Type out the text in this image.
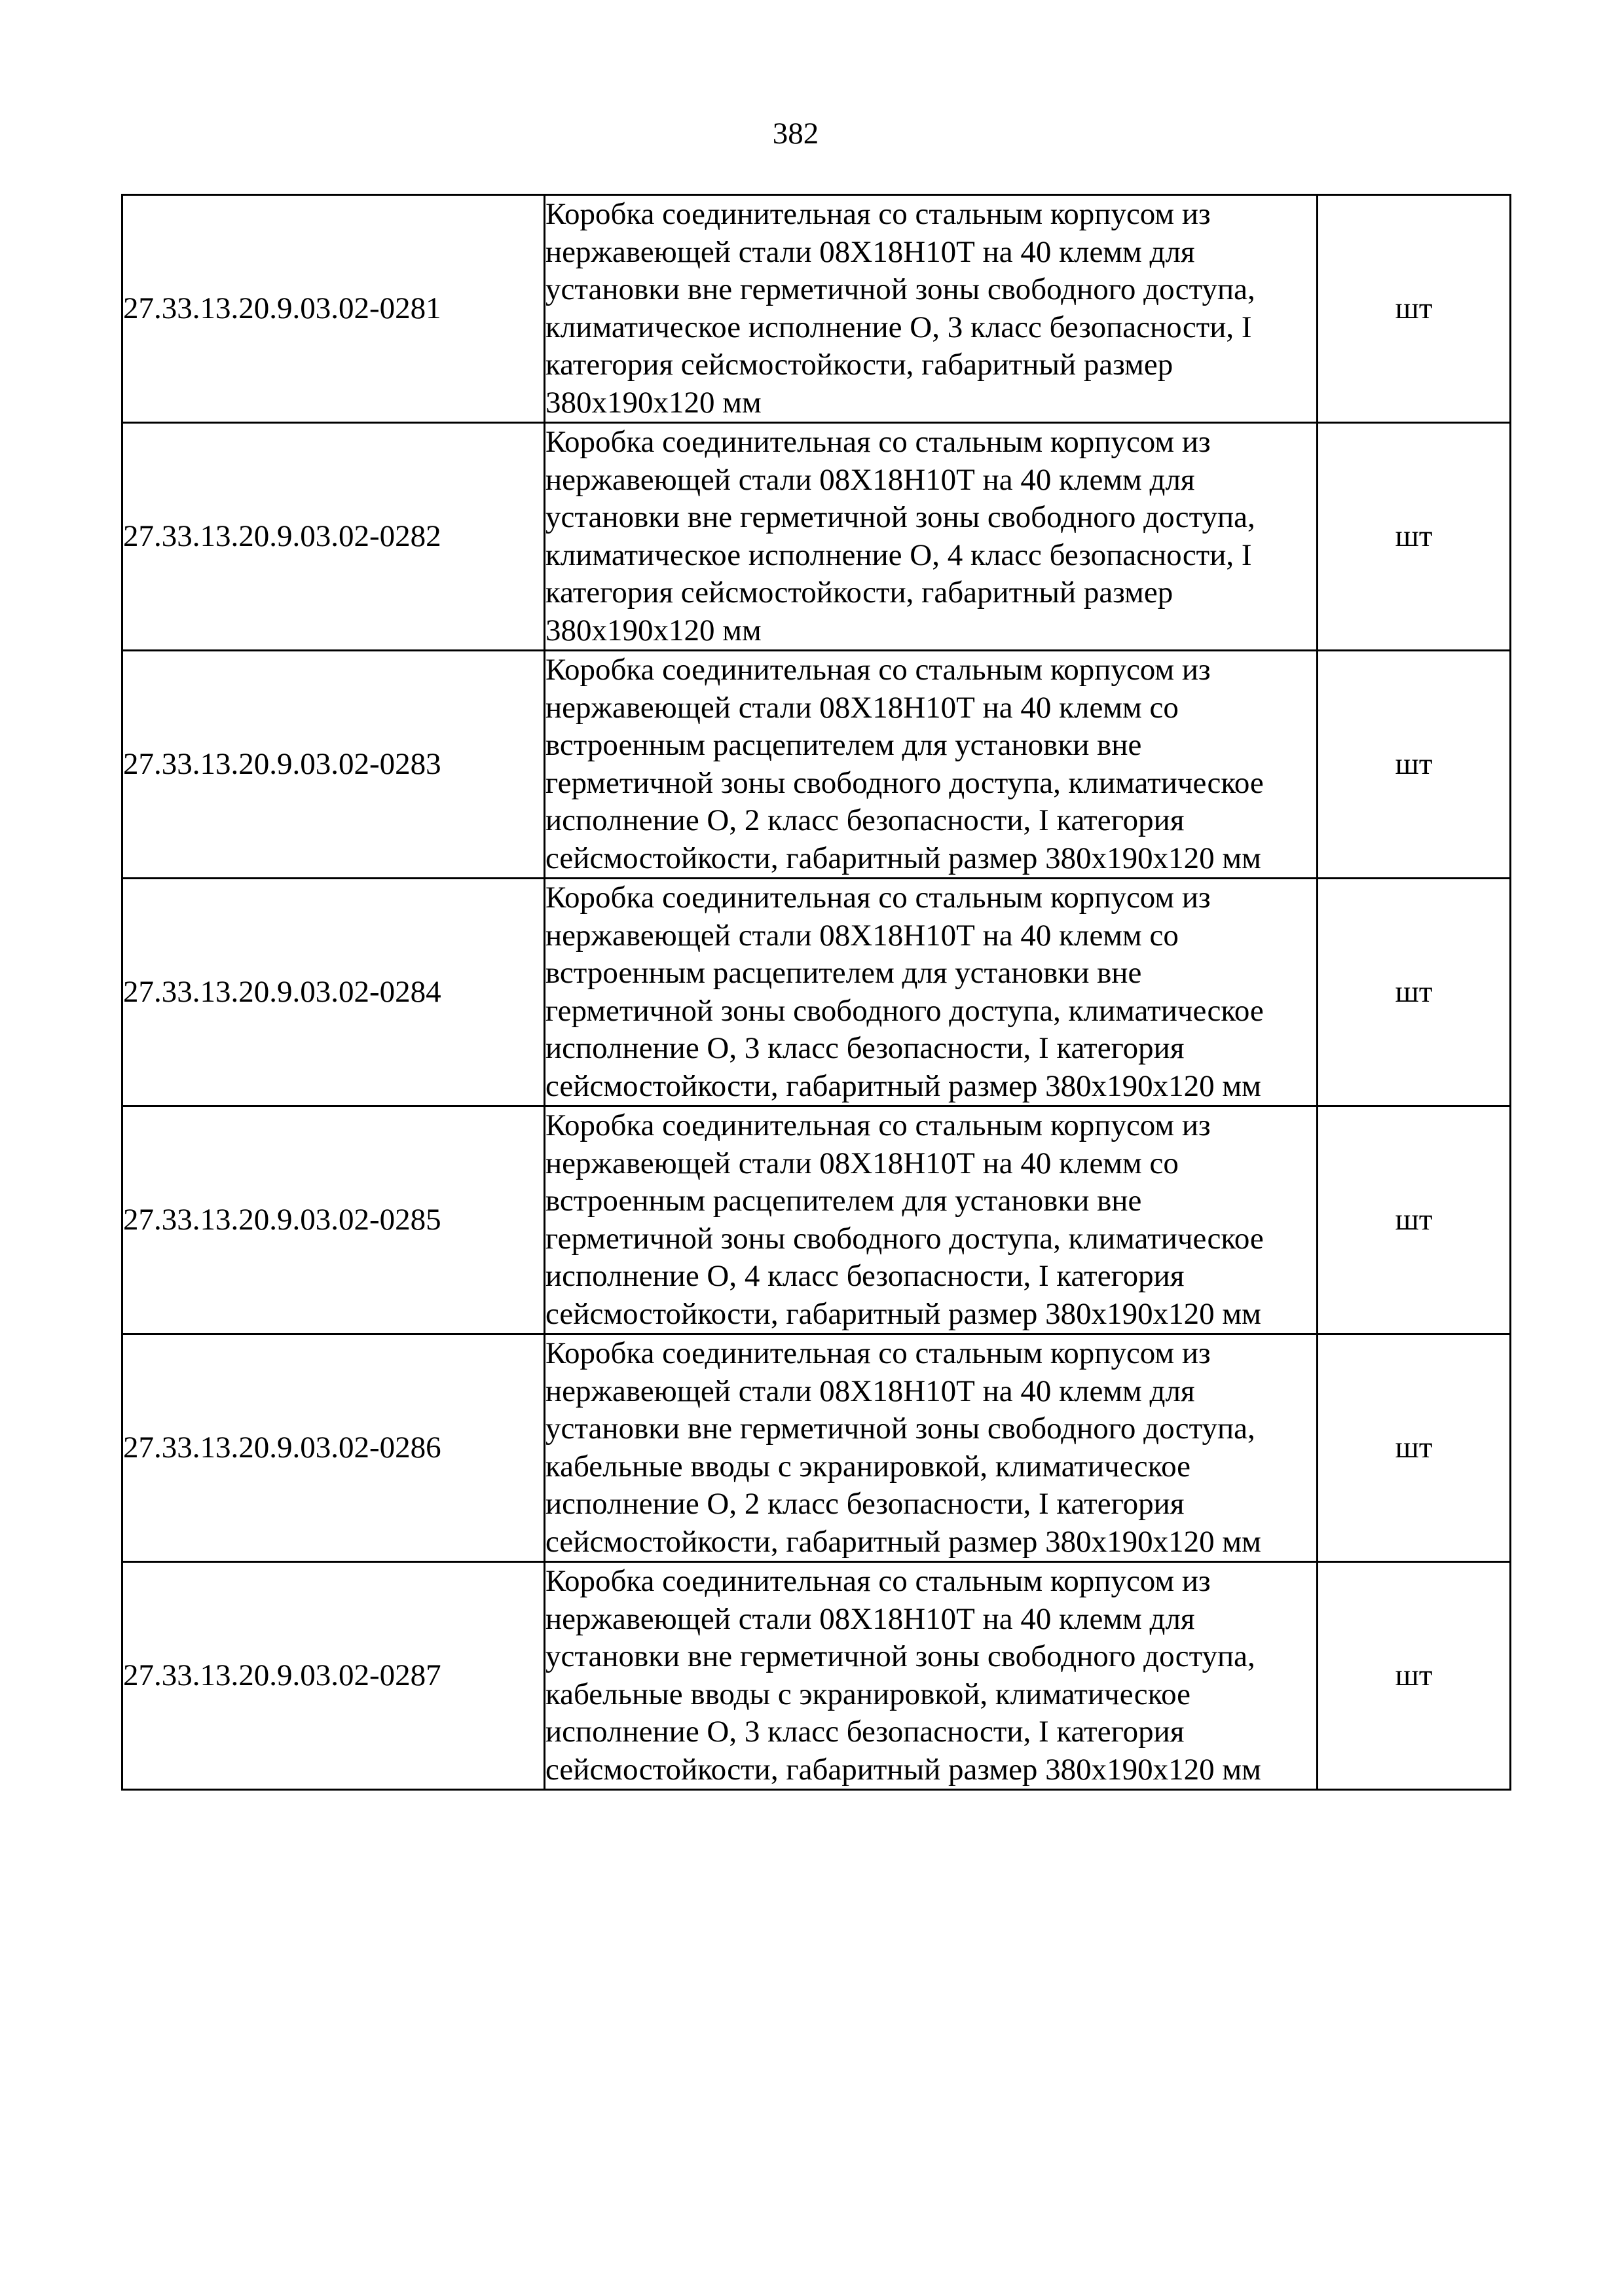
382
27.33.13.20.9.03.02-0281	Коробка соединительная со стальным корпусом из нержавеющей стали 08Х18Н10Т на 40 клемм для установки вне герметичной зоны свободного доступа, климатическое исполнение О, 3 класс безопасности, I категория сейсмостойкости, габаритный размер 380х190х120 мм	шт
27.33.13.20.9.03.02-0282	Коробка соединительная со стальным корпусом из нержавеющей стали 08Х18Н10Т на 40 клемм для установки вне герметичной зоны свободного доступа, климатическое исполнение О, 4 класс безопасности, I категория сейсмостойкости, габаритный размер 380х190х120 мм	шт
27.33.13.20.9.03.02-0283	Коробка соединительная со стальным корпусом из нержавеющей стали 08Х18Н10Т на 40 клемм со встроенным расцепителем для установки вне герметичной зоны свободного доступа, климатическое исполнение О, 2 класс безопасности, I категория сейсмостойкости, габаритный размер 380х190х120 мм	шт
27.33.13.20.9.03.02-0284	Коробка соединительная со стальным корпусом из нержавеющей стали 08Х18Н10Т на 40 клемм со встроенным расцепителем для установки вне герметичной зоны свободного доступа, климатическое исполнение О, 3 класс безопасности, I категория сейсмостойкости, габаритный размер 380х190х120 мм	шт
27.33.13.20.9.03.02-0285	Коробка соединительная со стальным корпусом из нержавеющей стали 08Х18Н10Т на 40 клемм со встроенным расцепителем для установки вне герметичной зоны свободного доступа, климатическое исполнение О, 4 класс безопасности, I категория сейсмостойкости, габаритный размер 380х190х120 мм	шт
27.33.13.20.9.03.02-0286	Коробка соединительная со стальным корпусом из нержавеющей стали 08Х18Н10Т на 40 клемм для установки вне герметичной зоны свободного доступа, кабельные вводы с экранировкой, климатическое исполнение О, 2 класс безопасности, I категория сейсмостойкости, габаритный размер 380х190х120 мм	шт
27.33.13.20.9.03.02-0287	Коробка соединительная со стальным корпусом из нержавеющей стали 08Х18Н10Т на 40 клемм для установки вне герметичной зоны свободного доступа, кабельные вводы с экранировкой, климатическое исполнение О, 3 класс безопасности, I категория сейсмостойкости, габаритный размер 380х190х120 мм	шт
